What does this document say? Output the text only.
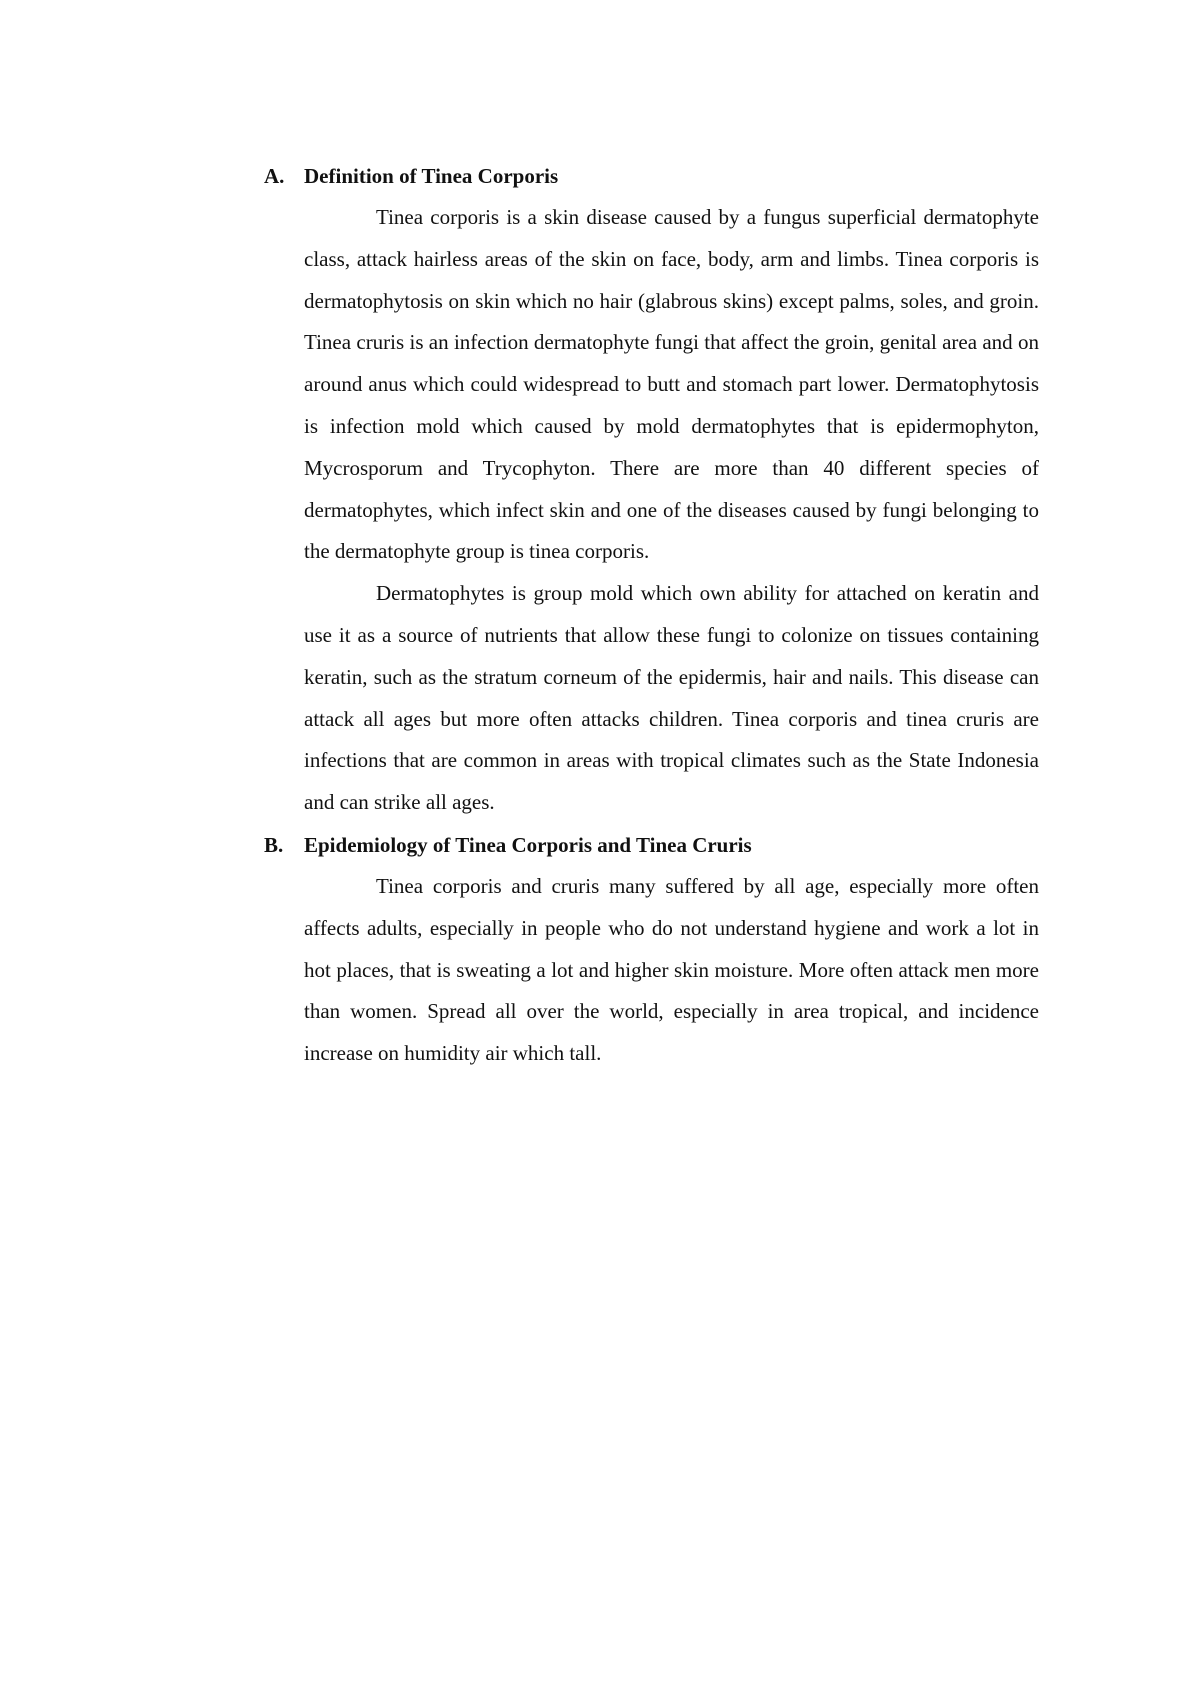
A. Definition of Tinea Corporis

Tinea corporis is a skin disease caused by a fungus superficial dermatophyte class, attack hairless areas of the skin on face, body, arm and limbs. Tinea corporis is dermatophytosis on skin which no hair (glabrous skins) except palms, soles, and groin. Tinea cruris is an infection dermatophyte fungi that affect the groin, genital area and on around anus which could widespread to butt and stomach part lower. Dermatophytosis is infection mold which caused by mold dermatophytes that is epidermophyton, Mycrosporum and Trycophyton. There are more than 40 different species of dermatophytes, which infect skin and one of the diseases caused by fungi belonging to the dermatophyte group is tinea corporis.

Dermatophytes is group mold which own ability for attached on keratin and use it as a source of nutrients that allow these fungi to colonize on tissues containing keratin, such as the stratum corneum of the epidermis, hair and nails. This disease can attack all ages but more often attacks children. Tinea corporis and tinea cruris are infections that are common in areas with tropical climates such as the State Indonesia and can strike all ages.

B. Epidemiology of Tinea Corporis and Tinea Cruris

Tinea corporis and cruris many suffered by all age, especially more often affects adults, especially in people who do not understand hygiene and work a lot in hot places, that is sweating a lot and higher skin moisture. More often attack men more than women. Spread all over the world, especially in area tropical, and incidence increase on humidity air which tall.
